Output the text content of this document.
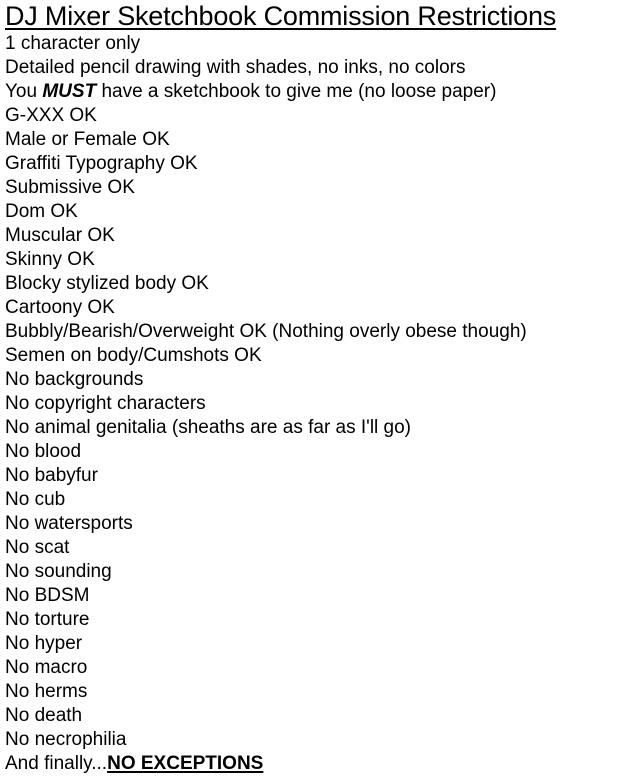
DJ Mixer Sketchbook Commission Restrictions
1 character only
Detailed pencil drawing with shades, no inks, no colors
You MUST have a sketchbook to give me (no loose paper)
G-XXX OK
Male or Female OK
Graffiti Typography OK
Submissive OK
Dom OK
Muscular OK
Skinny OK
Blocky stylized body OK
Cartoony OK
Bubbly/Bearish/Overweight OK (Nothing overly obese though)
Semen on body/Cumshots OK
No backgrounds
No copyright characters
No animal genitalia (sheaths are as far as I'll go)
No blood
No babyfur
No cub
No watersports
No scat
No sounding
No BDSM
No torture
No hyper
No macro
No herms
No death
No necrophilia
And finally...NO EXCEPTIONS
